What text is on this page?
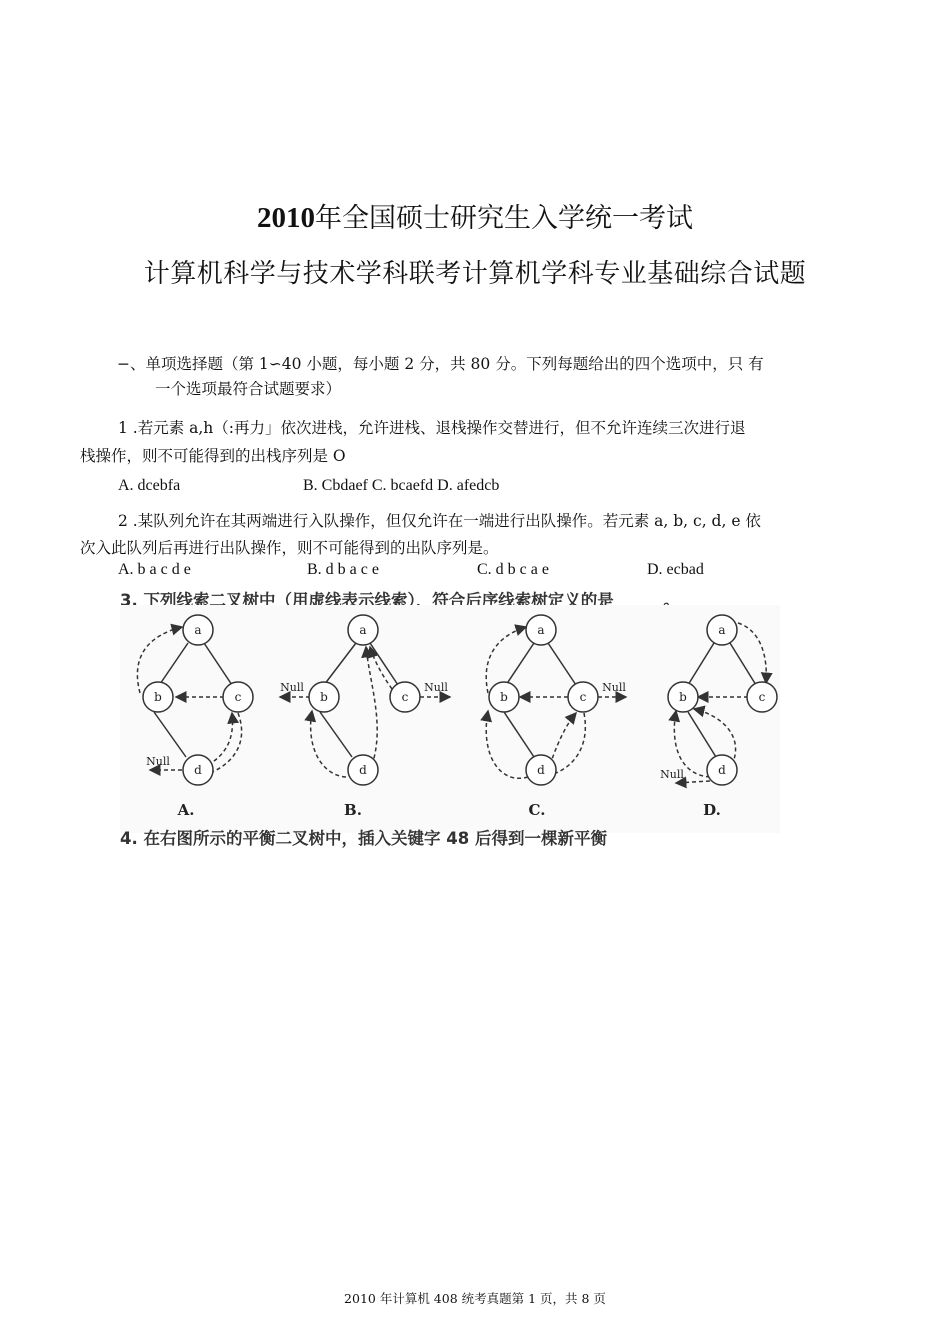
2010年全国硕士研究生入学统一考试
计算机科学与技术学科联考计算机学科专业基础综合试题
−、单项选择题（第 1∽40 小题，每小题 2 分，共 80 分。下列每题给出的四个选项中，只 有
一个选项最符合试题要求）
1 .若元素 a,h（:再力」依次进栈，允许进栈、退栈操作交替进行，但不允许连续三次进行退
栈操作，则不可能得到的出栈序列是 O
A. dcebfa	B. Cbdaef C. bcaefd D. afedcb
2 .某队列允许在其两端进行入队操作，但仅允许在一端进行出队操作。若元素 a, b, c, d, e 依
次入此队列后再进行出队操作，则不可能得到的出队序列是。
A. b a c d e	B. d b a c e	C. d b c a e	D. ecbad
3. 下列线索二叉树中（用虚线表示线索），符合后序线索树定义的是______。
a
b	c
d
Null
A.
a
b	c
d
Null	Null
B.
a
b	c
d
Null
C.
a
b	c
d
Null
D.
4. 在右图所示的平衡二叉树中，插入关键字 48 后得到一棵新平衡
2010 年计算机 408 统考真题第 1 页，共 8 页
